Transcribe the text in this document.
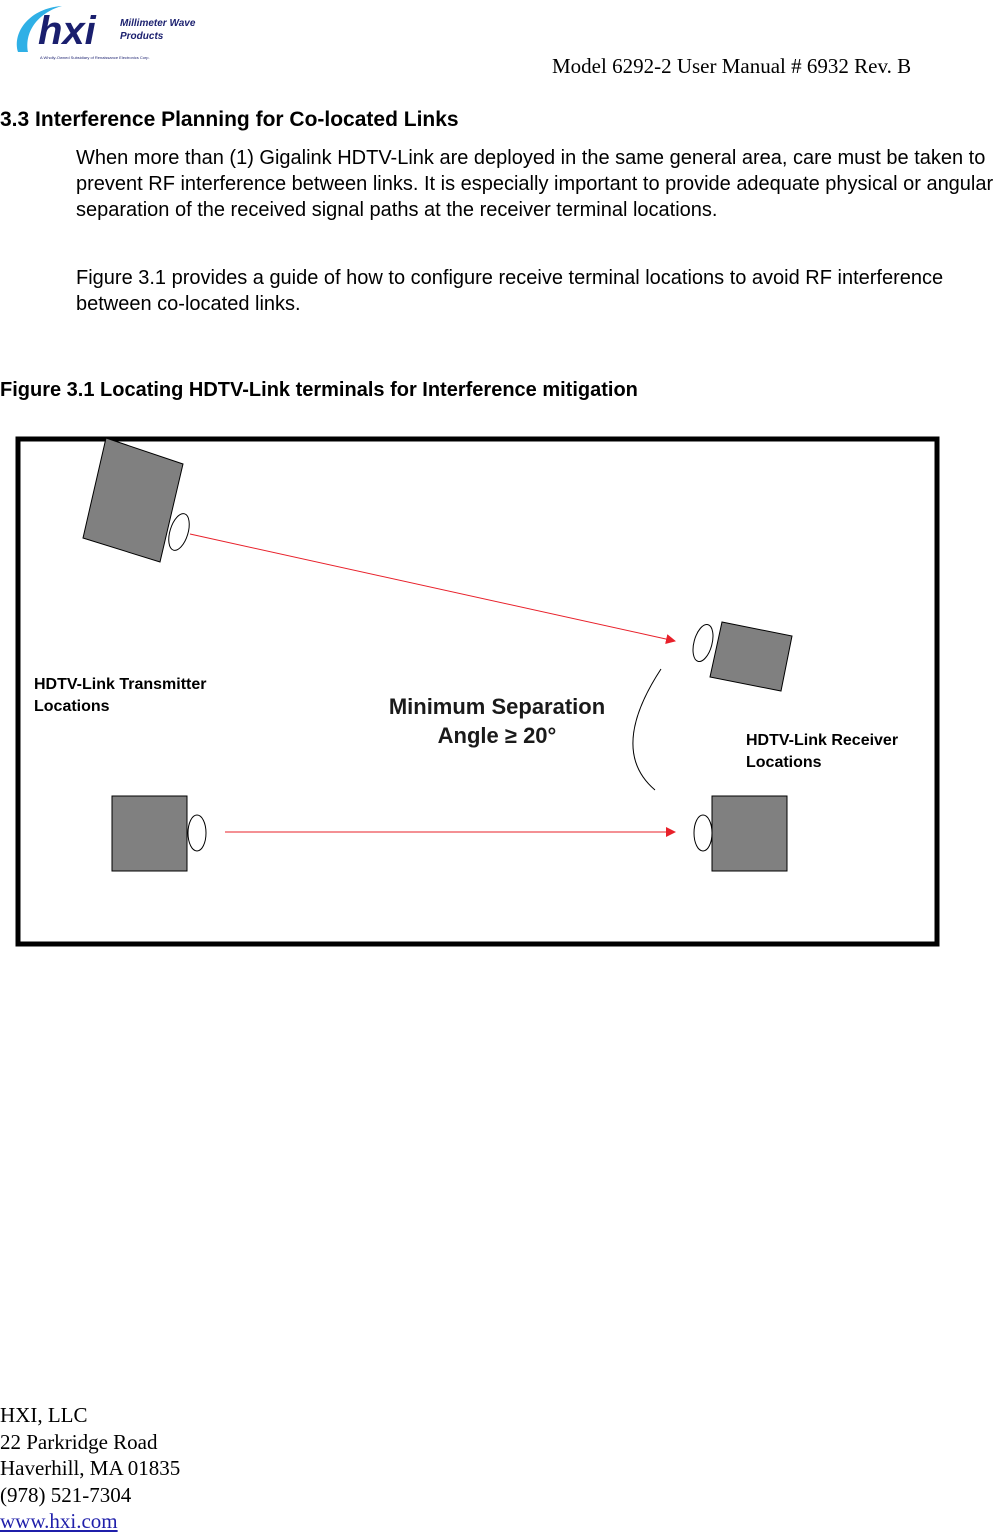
hxi Millimeter Wave
Products
A Wholly-Owned Subsidiary of Renaissance Electronics Corp.	Model 6292-2 User Manual # 6932 Rev. B
3.3 Interference Planning for Co-located Links

When more than (1) Gigalink HDTV-Link are deployed in the same general area, care must be taken to prevent RF interference between links. It is especially important to provide adequate physical or angular separation of the received signal paths at the receiver terminal locations.

Figure 3.1 provides a guide of how to configure receive terminal locations to avoid RF interference between co-located links.

Figure 3.1 Locating HDTV-Link terminals for Interference mitigation
HDTV-Link Transmitter
Locations
HDTV-Link Receiver
Locations
Minimum Separation
Angle ≥ 20°
HXI, LLC
22 Parkridge Road
Haverhill, MA 01835
(978) 521-7304
www.hxi.com
